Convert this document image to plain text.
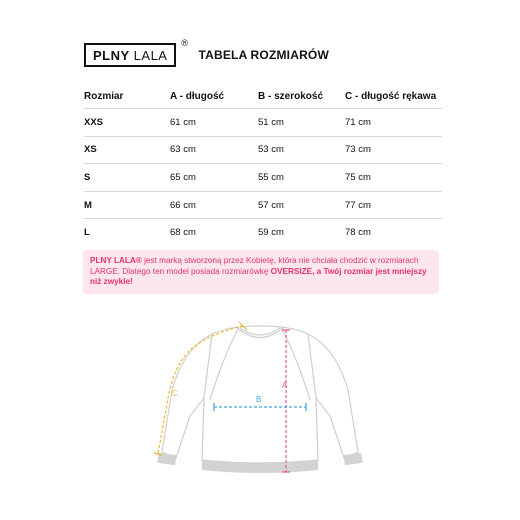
PLNY LALA
®
TABELA ROZMIARÓW
Rozmiar	A - długość	B - szerokość	C - długość rękawa
XXS	61 cm	51 cm	71 cm
XS	63 cm	53 cm	73 cm
S	65 cm	55 cm	75 cm
M	66 cm	57 cm	77 cm
L	68 cm	59 cm	78 cm
PLNY LALA® jest marką stworzoną przez Kobietę, która nie chciała chodzić w rozmiarach LARGE. Dlatego ten model posiada rozmiarówkę OVERSIZE, a Twój rozmiar jest mniejszy niż zwykle!
A
B
C
